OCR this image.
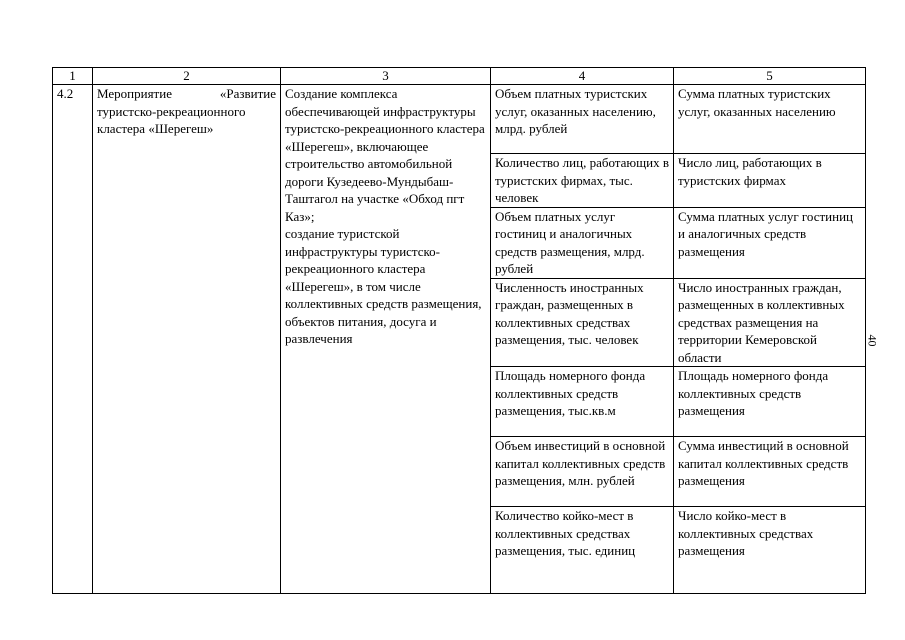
1	2	3	4	5
4.2	Мероприятие «Развитие туристско-рекреационного кластера «Шерегеш»	Создание комплекса обеспечивающей инфраструктуры туристско-рекреационного кластера «Шерегеш», включающее строительство автомобильной дороги Кузедеево-Мундыбаш-Таштагол на участке «Обход пгт Каз»;
создание туристской инфраструктуры туристско-рекреационного кластера «Шерегеш», в том числе коллективных средств размещения, объектов питания, досуга и развлечения	Объем платных туристских услуг, оказанных населению, млрд. рублей	Сумма платных туристских услуг, оказанных населению
			Количество лиц, работающих в туристских фирмах, тыс. человек	Число лиц, работающих в туристских фирмах
			Объем платных услуг гостиниц и аналогичных средств размещения, млрд. рублей	Сумма платных услуг гостиниц и аналогичных средств размещения
			Численность иностранных граждан, размещенных в коллективных средствах размещения, тыс. человек	Число иностранных граждан, размещенных в коллективных средствах размещения на территории Кемеровской области
			Площадь номерного фонда коллективных средств размещения, тыс.кв.м	Площадь номерного фонда коллективных средств размещения
			Объем инвестиций в основной капитал коллективных средств размещения, млн. рублей	Сумма инвестиций в основной капитал коллективных средств размещения
			Количество койко-мест в коллективных средствах размещения, тыс. единиц	Число койко-мест в коллективных средствах размещения
40
